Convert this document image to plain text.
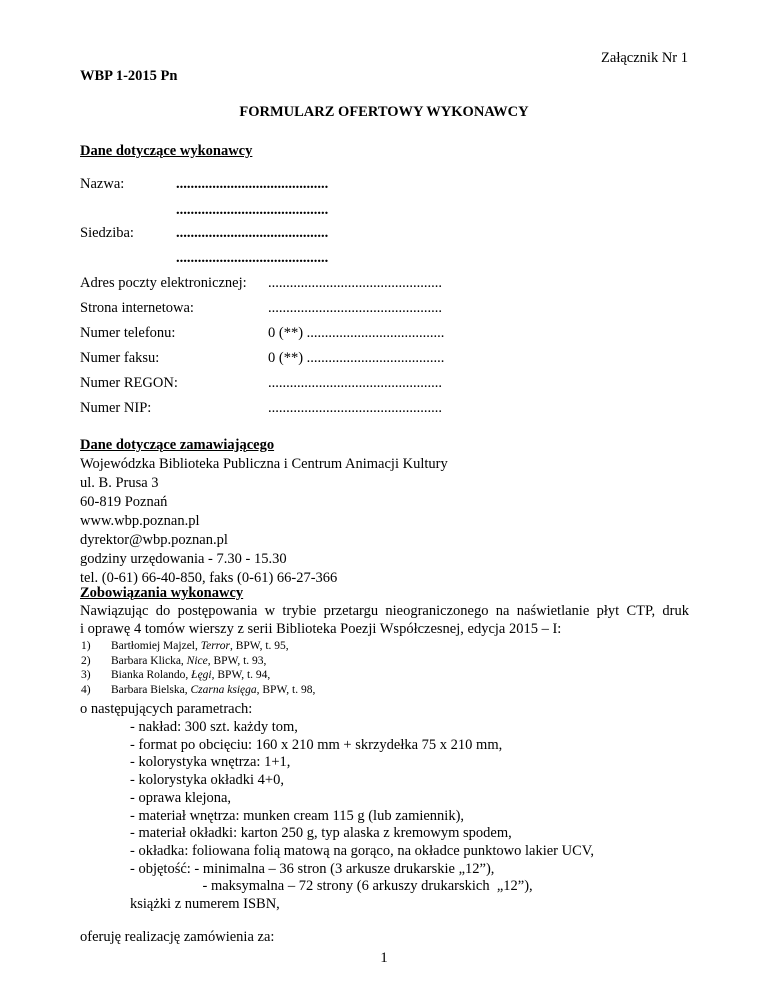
Załącznik Nr 1
WBP 1-2015 Pn
FORMULARZ OFERTOWY WYKONAWCY
Dane dotyczące wykonawcy
Nazwa:	..........................................
..........................................
Siedziba:	..........................................
..........................................
Adres poczty elektronicznej: ................................................
Strona internetowa:	................................................
Numer telefonu:	0 (**) ......................................
Numer faksu:	0 (**) ......................................
Numer REGON:	................................................
Numer NIP:	................................................
Dane dotyczące zamawiającego
Wojewódzka Biblioteka Publiczna i Centrum Animacji Kultury
ul. B. Prusa 3
60-819 Poznań
www.wbp.poznan.pl
dyrektor@wbp.poznan.pl
godziny urzędowania - 7.30 - 15.30
tel. (0-61) 66-40-850, faks (0-61) 66-27-366
Zobowiązania wykonawcy
Nawiązując do postępowania w trybie przetargu nieograniczonego na naświetlanie płyt CTP, druk
i oprawę 4 tomów wierszy z serii Biblioteka Poezji Współczesnej, edycja 2015 – I:
1) Bartłomiej Majzel, Terror, BPW, t. 95,
2) Barbara Klicka, Nice, BPW, t. 93,
3) Bianka Rolando, Łęgi, BPW, t. 94,
4) Barbara Bielska, Czarna księga, BPW, t. 98,
o następujących parametrach:
- nakład: 300 szt. każdy tom,
- format po obcięciu: 160 x 210 mm + skrzydełka 75 x 210 mm,
- kolorystyka wnętrza: 1+1,
- kolorystyka okładki 4+0,
- oprawa klejona,
- materiał wnętrza: munken cream 115 g (lub zamiennik),
- materiał okładki: karton 250 g, typ alaska z kremowym spodem,
- okładka: foliowana folią matową na gorąco, na okładce punktowo lakier UCV,
- objętość: - minimalna – 36 stron (3 arkusze drukarskie „12”),
- maksymalna – 72 strony (6 arkuszy drukarskich  „12”),
książki z numerem ISBN,
oferuję realizację zamówienia za:
1
